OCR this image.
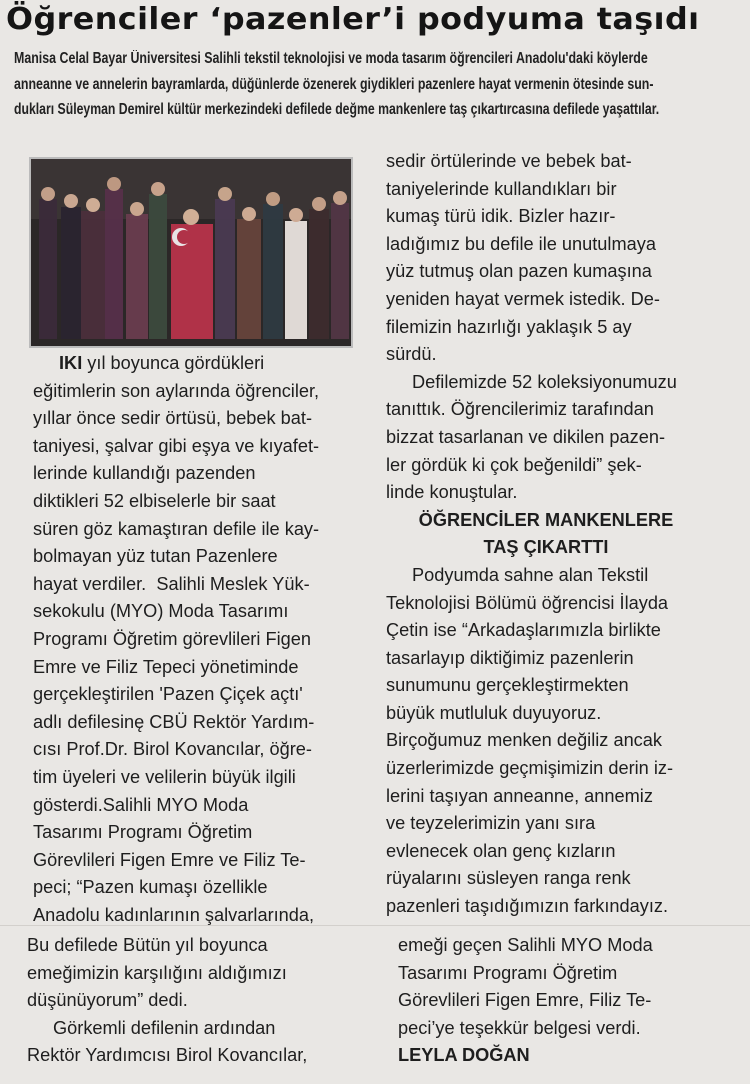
Öğrenciler ‘pazenler’i podyuma taşıdı
Manisa Celal Bayar Üniversitesi Salihli tekstil teknolojisi ve moda tasarım öğrencileri Anadolu'daki köylerde
anneanne ve annelerin bayramlarda, düğünlerde özenerek giydikleri pazenlere hayat vermenin ötesinde sun-
dukları Süleyman Demirel kültür merkezindeki defilede değme mankenlere taş çıkartırcasına defilede yaşattılar.

sedir örtülerinde ve bebek bat-

taniyelerinde kullandıkları bir

kumaş türü idik. Bizler hazır-

ladığımız bu defile ile unutulmaya

yüz tutmuş olan pazen kumaşına

yeniden hayat vermek istedik. De-

filemizin hazırlığı yaklaşık 5 ay

sürdü.

Defilemizde 52 koleksiyonumuzu

tanıttık. Öğrencilerimiz tarafından

bizzat tasarlanan ve dikilen pazen-

ler gördük ki çok beğenildi” şek-

linde konuştular.

ÖĞRENCİLER MANKENLERE
TAŞ ÇIKARTTI

Podyumda sahne alan Tekstil

Teknolojisi Bölümü öğrencisi İlayda

Çetin ise “Arkadaşlarımızla birlikte

tasarlayıp diktiğimiz pazenlerin

sunumunu gerçekleştirmekten

büyük mutluluk duyuyoruz.

Birçoğumuz menken değiliz ancak

üzerlerimizde geçmişimizin derin iz-

lerini taşıyan anneanne, annemiz

ve teyzelerimizin yanı sıra

evlenecek olan genç kızların

rüyalarını süsleyen ranga renk

pazenleri taşıdığımızın farkındayız.

IKI yıl boyunca gördükleri

eğitimlerin son aylarında öğrenciler,

yıllar önce sedir örtüsü, bebek bat-

taniyesi, şalvar gibi eşya ve kıyafet-

lerinde kullandığı pazenden

diktikleri 52 elbiselerle bir saat

süren göz kamaştıran defile ile kay-

bolmayan yüz tutan Pazenlere

hayat verdiler.  Salihli Meslek Yük-

sekokulu (MYO) Moda Tasarımı

Programı Öğretim görevlileri Figen

Emre ve Filiz Tepeci yönetiminde

gerçekleştirilen 'Pazen Çiçek açtı'

adlı defilesinę CBÜ Rektör Yardım-

cısı Prof.Dr. Birol Kovancılar, öğre-

tim üyeleri ve velilerin büyük ilgili

gösterdi.Salihli MYO Moda

Tasarımı Programı Öğretim

Görevlileri Figen Emre ve Filiz Te-

peci; “Pazen kumaşı özellikle

Anadolu kadınlarının şalvarlarında,

Bu defilede Bütün yıl boyunca

emeğimizin karşılığını aldığımızı

düşünüyorum” dedi.

Görkemli defilenin ardından

Rektör Yardımcısı Birol Kovancılar,

emeği geçen Salihli MYO Moda

Tasarımı Programı Öğretim

Görevlileri Figen Emre, Filiz Te-

peci’ye teşekkür belgesi verdi.

LEYLA DOĞAN
